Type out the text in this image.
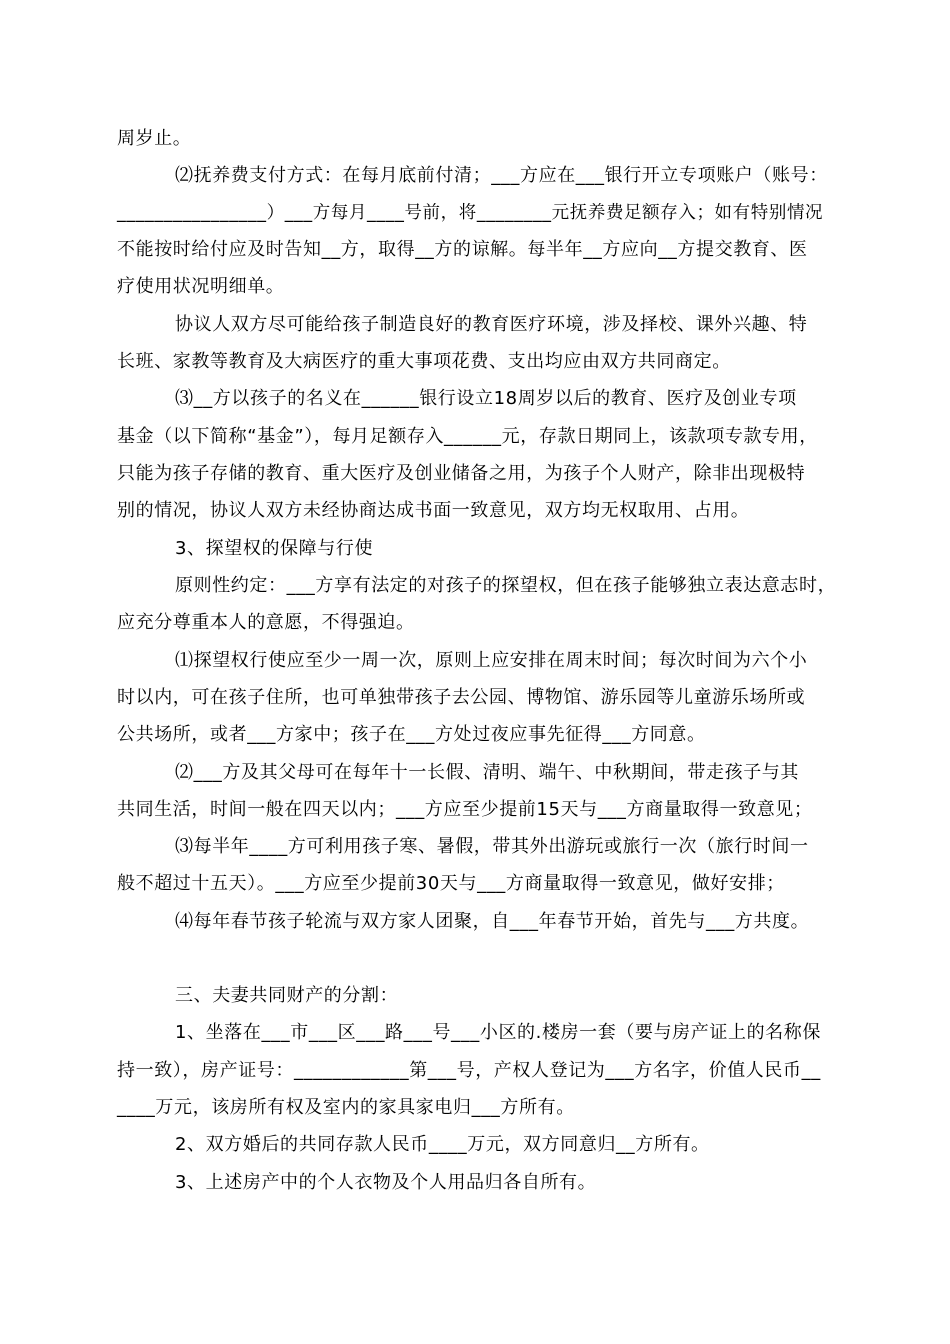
周岁止。

⑵抚养费支付方式：在每月底前付清；___方应在___银行开立专项账户（账号：

________________）___方每月____号前，将________元抚养费足额存入；如有特别情况

不能按时给付应及时告知__方，取得__方的谅解。每半年__方应向__方提交教育、医

疗使用状况明细单。

协议人双方尽可能给孩子制造良好的教育医疗环境，涉及择校、课外兴趣、特

长班、家教等教育及大病医疗的重大事项花费、支出均应由双方共同商定。

⑶__方以孩子的名义在______银行设立18周岁以后的教育、医疗及创业专项

基金（以下简称“基金”），每月足额存入______元，存款日期同上，该款项专款专用，

只能为孩子存储的教育、重大医疗及创业储备之用，为孩子个人财产，除非出现极特

别的情况，协议人双方未经协商达成书面一致意见，双方均无权取用、占用。

3、探望权的保障与行使

原则性约定：___方享有法定的对孩子的探望权，但在孩子能够独立表达意志时，

应充分尊重本人的意愿，不得强迫。

⑴探望权行使应至少一周一次，原则上应安排在周末时间；每次时间为六个小

时以内，可在孩子住所，也可单独带孩子去公园、博物馆、游乐园等儿童游乐场所或

公共场所，或者___方家中；孩子在___方处过夜应事先征得___方同意。

⑵___方及其父母可在每年十一长假、清明、端午、中秋期间，带走孩子与其

共同生活，时间一般在四天以内；___方应至少提前15天与___方商量取得一致意见；

⑶每半年____方可利用孩子寒、暑假，带其外出游玩或旅行一次（旅行时间一

般不超过十五天）。___方应至少提前30天与___方商量取得一致意见，做好安排；

⑷每年春节孩子轮流与双方家人团聚，自___年春节开始，首先与___方共度。

三、夫妻共同财产的分割：

1、坐落在___市___区___路___号___小区的.楼房一套（要与房产证上的名称保

持一致），房产证号：____________第___号，产权人登记为___方名字，价值人民币__

____万元，该房所有权及室内的家具家电归___方所有。

2、双方婚后的共同存款人民币____万元，双方同意归__方所有。

3、上述房产中的个人衣物及个人用品归各自所有。
